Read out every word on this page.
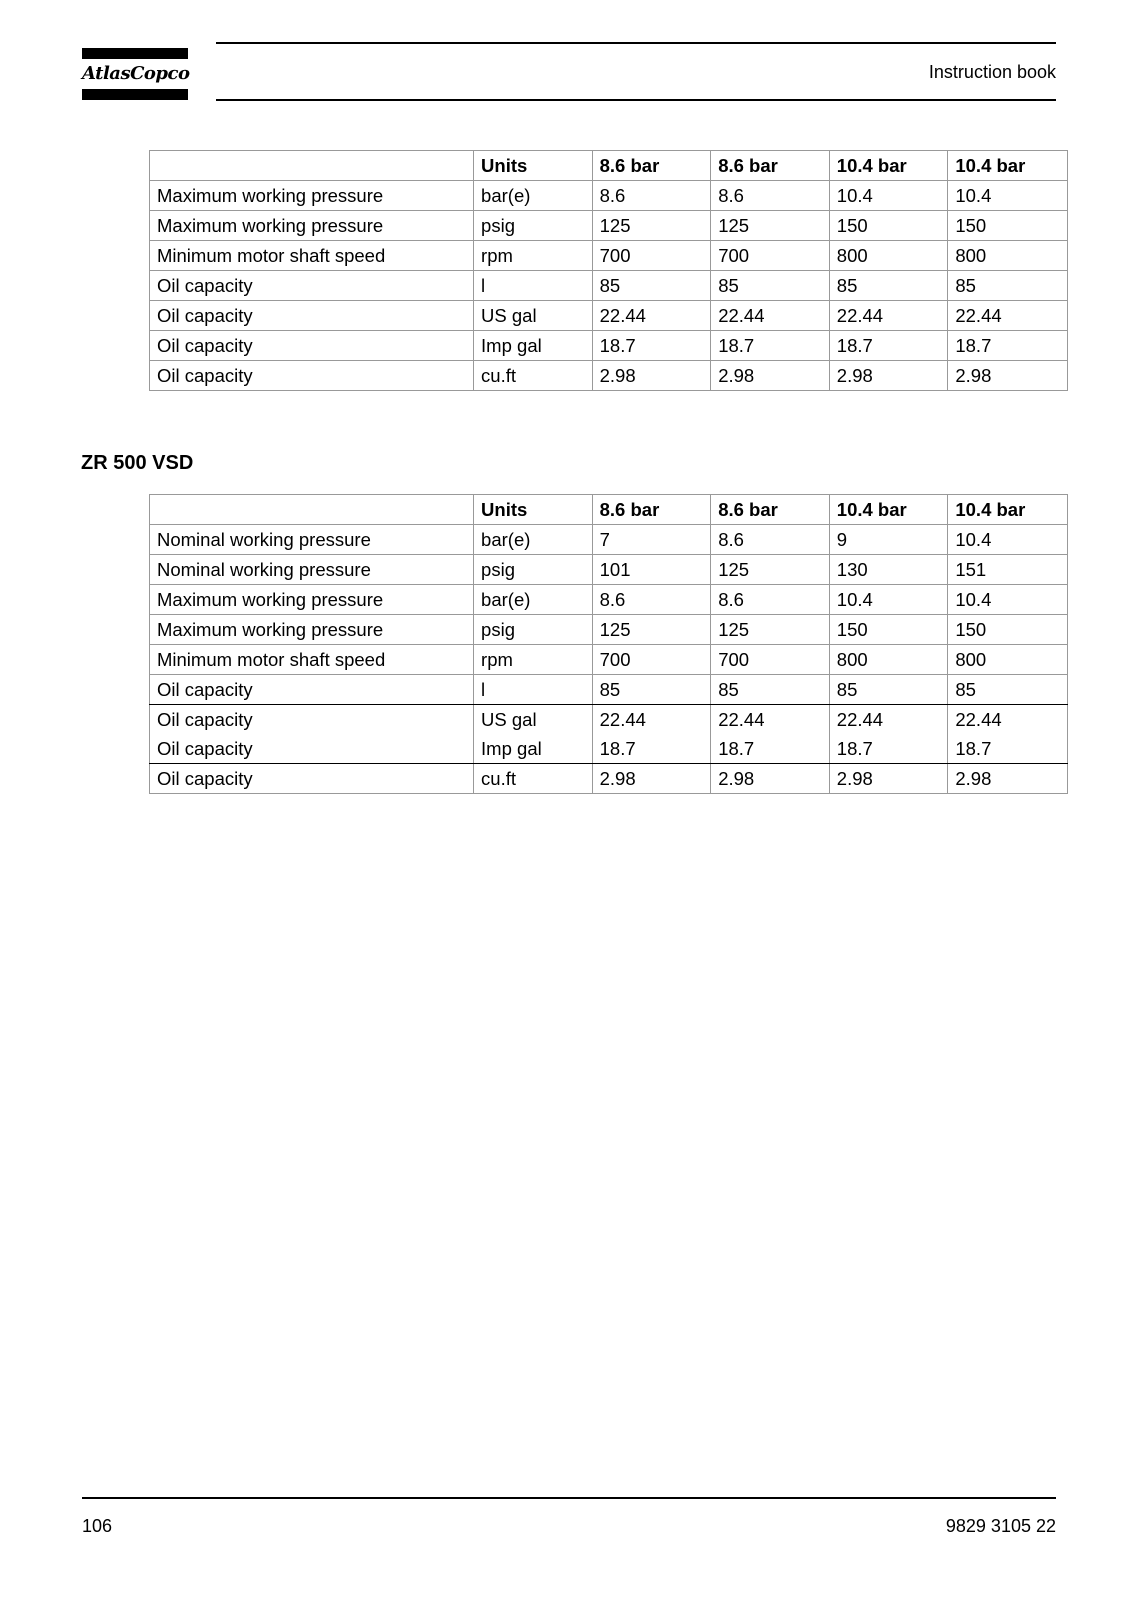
AtlasCopco	Instruction book
	Units	8.6 bar	8.6 bar	10.4 bar	10.4 bar
Maximum working pressure	bar(e)	8.6	8.6	10.4	10.4
Maximum working pressure	psig	125	125	150	150
Minimum motor shaft speed	rpm	700	700	800	800
Oil capacity	l	85	85	85	85
Oil capacity	US gal	22.44	22.44	22.44	22.44
Oil capacity	Imp gal	18.7	18.7	18.7	18.7
Oil capacity	cu.ft	2.98	2.98	2.98	2.98
ZR 500 VSD
	Units	8.6 bar	8.6 bar	10.4 bar	10.4 bar
Nominal working pressure	bar(e)	7	8.6	9	10.4
Nominal working pressure	psig	101	125	130	151
Maximum working pressure	bar(e)	8.6	8.6	10.4	10.4
Maximum working pressure	psig	125	125	150	150
Minimum motor shaft speed	rpm	700	700	800	800
Oil capacity	l	85	85	85	85
Oil capacity	US gal	22.44	22.44	22.44	22.44
Oil capacity	Imp gal	18.7	18.7	18.7	18.7
Oil capacity	cu.ft	2.98	2.98	2.98	2.98
106	9829 3105 22
